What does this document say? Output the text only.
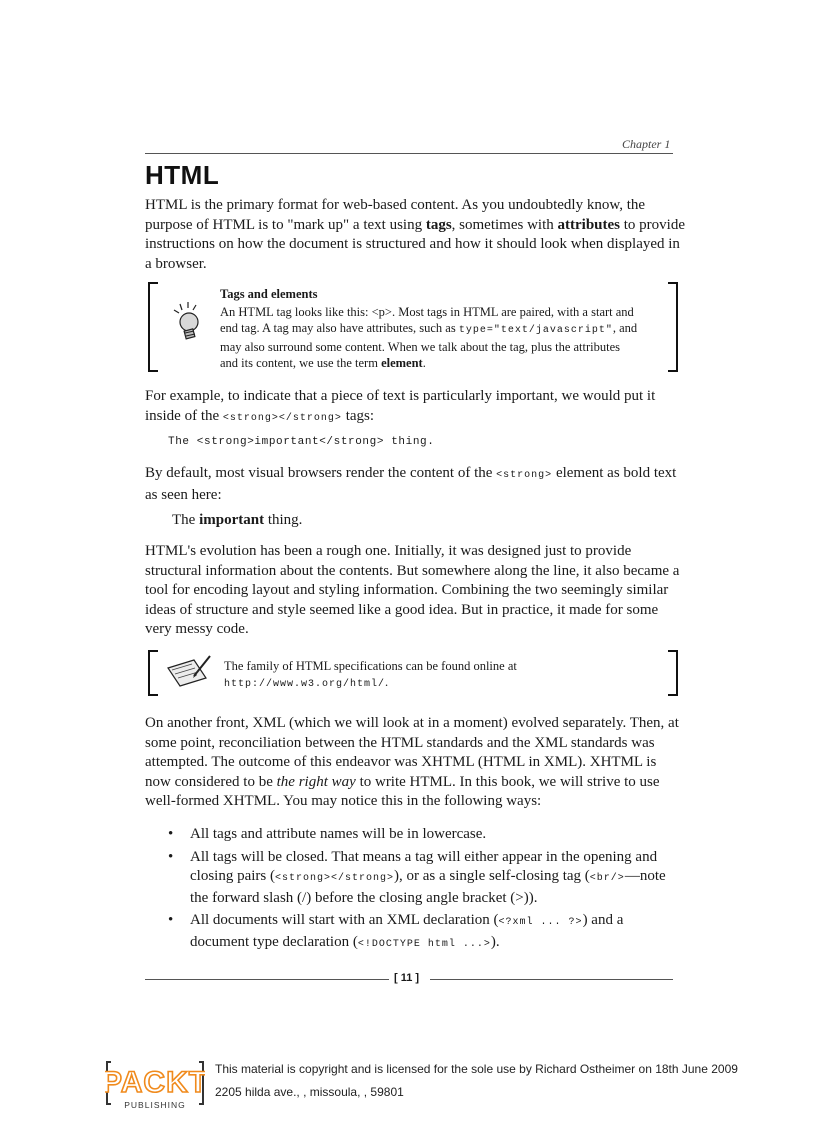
Chapter 1
HTML
HTML is the primary format for web-based content. As you undoubtedly know, the purpose of HTML is to "mark up" a text using tags, sometimes with attributes to provide instructions on how the document is structured and how it should look when displayed in a browser.
Tags and elements
An HTML tag looks like this: <p>. Most tags in HTML are paired, with a start and end tag. A tag may also have attributes, such as type="text/javascript", and may also surround some content. When we talk about the tag, plus the attributes and its content, we use the term element.
For example, to indicate that a piece of text is particularly important, we would put it inside of the <strong></strong> tags:
The <strong>important</strong> thing.
By default, most visual browsers render the content of the <strong> element as bold text as seen here:
The important thing.
HTML's evolution has been a rough one. Initially, it was designed just to provide structural information about the contents. But somewhere along the line, it also became a tool for encoding layout and styling information. Combining the two seemingly similar ideas of structure and style seemed like a good idea. But in practice, it made for some very messy code.
The family of HTML specifications can be found online at http://www.w3.org/html/.
On another front, XML (which we will look at in a moment) evolved separately. Then, at some point, reconciliation between the HTML standards and the XML standards was attempted. The outcome of this endeavor was XHTML (HTML in XML). XHTML is now considered to be the right way to write HTML. In this book, we will strive to use well-formed XHTML. You may notice this in the following ways:
• All tags and attribute names will be in lowercase.
• All tags will be closed. That means a tag will either appear in the opening and closing pairs (<strong></strong>), or as a single self-closing tag (<br/>—note the forward slash (/) before the closing angle bracket (>)).
• All documents will start with an XML declaration (<?xml ... ?>) and a document type declaration (<!DOCTYPE html ...>).
[ 11 ]
PACKT
PUBLISHING
This material is copyright and is licensed for the sole use by Richard Ostheimer on 18th June 2009
2205 hilda ave., , missoula, , 59801
